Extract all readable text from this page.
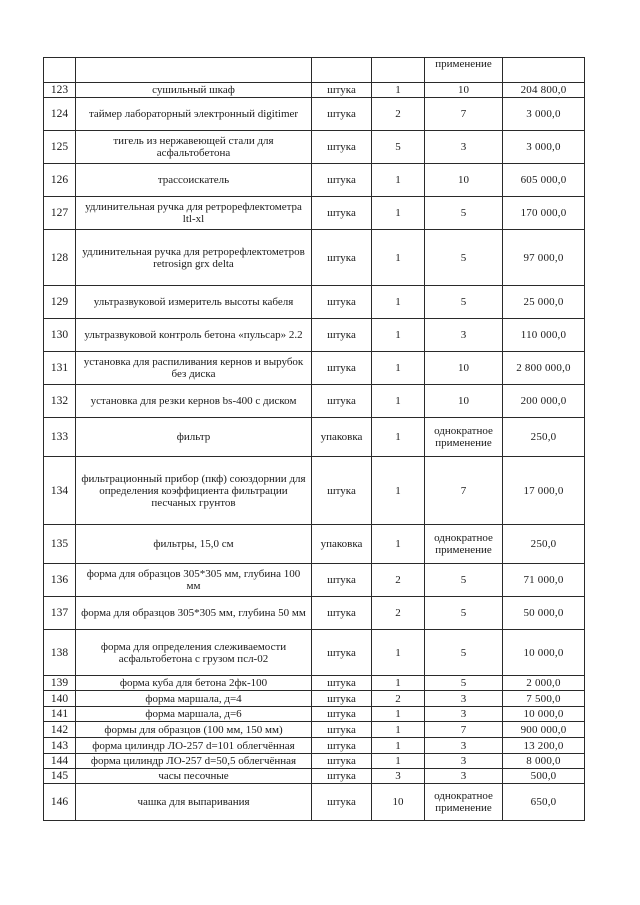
				применение	
123	сушильный шкаф	штука	1	10	204 800,0
124	таймер лабораторный электронный digitimer	штука	2	7	3 000,0
125	тигель из нержавеющей стали для асфальтобетона	штука	5	3	3 000,0
126	трассоискатель	штука	1	10	605 000,0
127	удлинительная ручка для ретрорефлектометра ltl-xl	штука	1	5	170 000,0
128	удлинительная ручка для ретрорефлектометров retrosign grx delta	штука	1	5	97 000,0
129	ультразвуковой измеритель высоты кабеля	штука	1	5	25 000,0
130	ультразвуковой контроль бетона «пульсар» 2.2	штука	1	3	110 000,0
131	установка для распиливания кернов и вырубок без диска	штука	1	10	2 800 000,0
132	установка для резки кернов bs-400 с диском	штука	1	10	200 000,0
133	фильтр	упаковка	1	однократное применение	250,0
134	фильтрационный прибор (пкф) союздорнии для определения коэффициента фильтрации песчаных грунтов	штука	1	7	17 000,0
135	фильтры, 15,0 см	упаковка	1	однократное применение	250,0
136	форма для образцов 305*305 мм, глубина 100 мм	штука	2	5	71 000,0
137	форма для образцов 305*305 мм, глубина 50 мм	штука	2	5	50 000,0
138	форма для определения слеживаемости асфальтобетона с грузом псл-02	штука	1	5	10 000,0
139	форма куба для бетона 2фк-100	штука	1	5	2 000,0
140	форма маршала, д=4	штука	2	3	7 500,0
141	форма маршала, д=6	штука	1	3	10 000,0
142	формы для образцов (100 мм, 150 мм)	штука	1	7	900 000,0
143	форма цилиндр ЛО-257 d=101 облегчённая	штука	1	3	13 200,0
144	форма цилиндр ЛО-257 d=50,5 облегчённая	штука	1	3	8 000,0
145	часы песочные	штука	3	3	500,0
146	чашка для выпаривания	штука	10	однократное применение	650,0
